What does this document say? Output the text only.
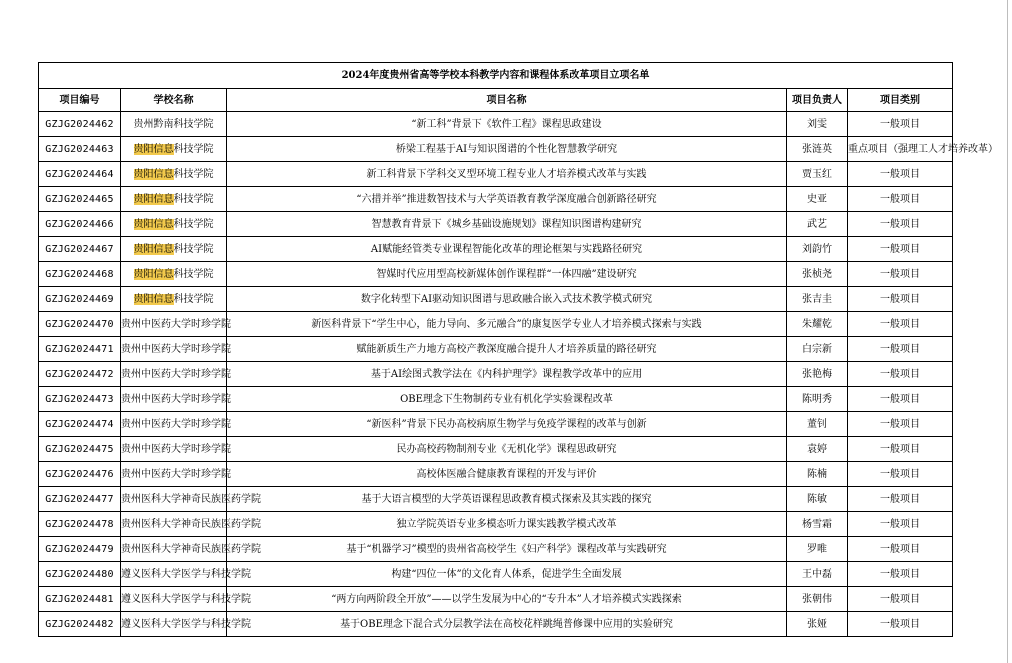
2024年度贵州省高等学校本科教学内容和课程体系改革项目立项名单				
项目编号	学校名称	项目名称	项目负责人	项目类别
GZJG2024462	贵州黔南科技学院	“新工科”背景下《软件工程》课程思政建设	刘雯	一般项目
GZJG2024463	贵阳信息科技学院	桥梁工程基于AI与知识图谱的个性化智慧教学研究	张涟英	重点项目（强理工人才培养改革）
GZJG2024464	贵阳信息科技学院	新工科背景下学科交叉型环境工程专业人才培养模式改革与实践	贾玉红	一般项目
GZJG2024465	贵阳信息科技学院	“六措并举”推进数智技术与大学英语教育教学深度融合创新路径研究	史亚	一般项目
GZJG2024466	贵阳信息科技学院	智慧教育背景下《城乡基础设施规划》课程知识图谱构建研究	武艺	一般项目
GZJG2024467	贵阳信息科技学院	AI赋能经管类专业课程智能化改革的理论框架与实践路径研究	刘韵竹	一般项目
GZJG2024468	贵阳信息科技学院	智媒时代应用型高校新媒体创作课程群“一体四融”建设研究	张桢尧	一般项目
GZJG2024469	贵阳信息科技学院	数字化转型下AI驱动知识图谱与思政融合嵌入式技术教学模式研究	张吉圭	一般项目
GZJG2024470	贵州中医药大学时珍学院	新医科背景下“学生中心，能力导向、多元融合”的康复医学专业人才培养模式探索与实践	朱耀乾	一般项目
GZJG2024471	贵州中医药大学时珍学院	赋能新质生产力地方高校产教深度融合提升人才培养质量的路径研究	白宗新	一般项目
GZJG2024472	贵州中医药大学时珍学院	基于AI绘图式教学法在《内科护理学》课程教学改革中的应用	张艳梅	一般项目
GZJG2024473	贵州中医药大学时珍学院	OBE理念下生物制药专业有机化学实验课程改革	陈明秀	一般项目
GZJG2024474	贵州中医药大学时珍学院	“新医科”背景下民办高校病原生物学与免疫学课程的改革与创新	董钊	一般项目
GZJG2024475	贵州中医药大学时珍学院	民办高校药物制剂专业《无机化学》课程思政研究	袁婷	一般项目
GZJG2024476	贵州中医药大学时珍学院	高校体医融合健康教育课程的开发与评价	陈楠	一般项目
GZJG2024477	贵州医科大学神奇民族医药学院	基于大语言模型的大学英语课程思政教育模式探索及其实践的探究	陈敏	一般项目
GZJG2024478	贵州医科大学神奇民族医药学院	独立学院英语专业多模态听力课实践教学模式改革	杨雪霜	一般项目
GZJG2024479	贵州医科大学神奇民族医药学院	基于“机器学习”模型的贵州省高校学生《妇产科学》课程改革与实践研究	罗唯	一般项目
GZJG2024480	遵义医科大学医学与科技学院	构建“四位一体”的文化育人体系，促进学生全面发展	王中磊	一般项目
GZJG2024481	遵义医科大学医学与科技学院	“两方向两阶段全开放”——以学生发展为中心的“专升本”人才培养模式实践探索	张朝伟	一般项目
GZJG2024482	遵义医科大学医学与科技学院	基于OBE理念下混合式分层教学法在高校花样跳绳普修课中应用的实验研究	张娅	一般项目
